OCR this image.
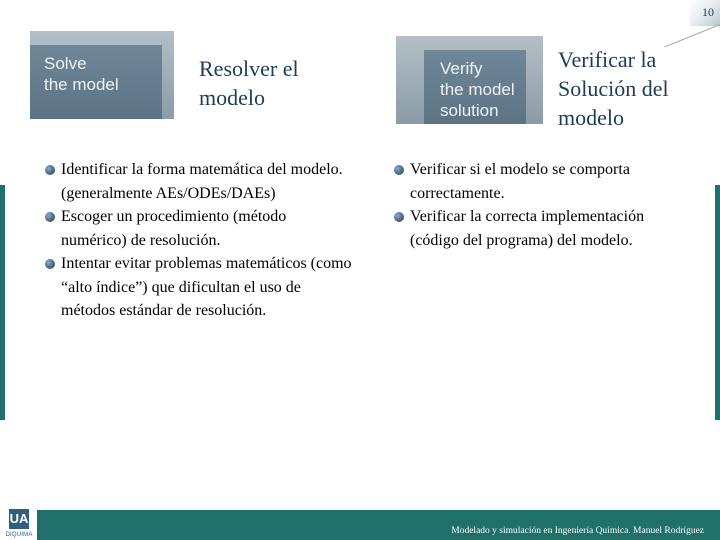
10
Solve
the model
Resolver el
modelo
Verify
the model
solution
Verificar la
Solución del
modelo
Identificar la forma matemática del modelo.(generalmente AEs/ODEs/DAEs)
Escoger un procedimiento (método numérico) de resolución.
Intentar evitar problemas matemáticos (como “alto índice”) que dificultan el uso de métodos estándar de resolución.
Verificar si el modelo se comporta correctamente.
Verificar la correcta implementación (código del programa) del modelo.
Modelado y simulación en Ingeniería Química. Manuel Rodríguez
UA
DIQUIMA
